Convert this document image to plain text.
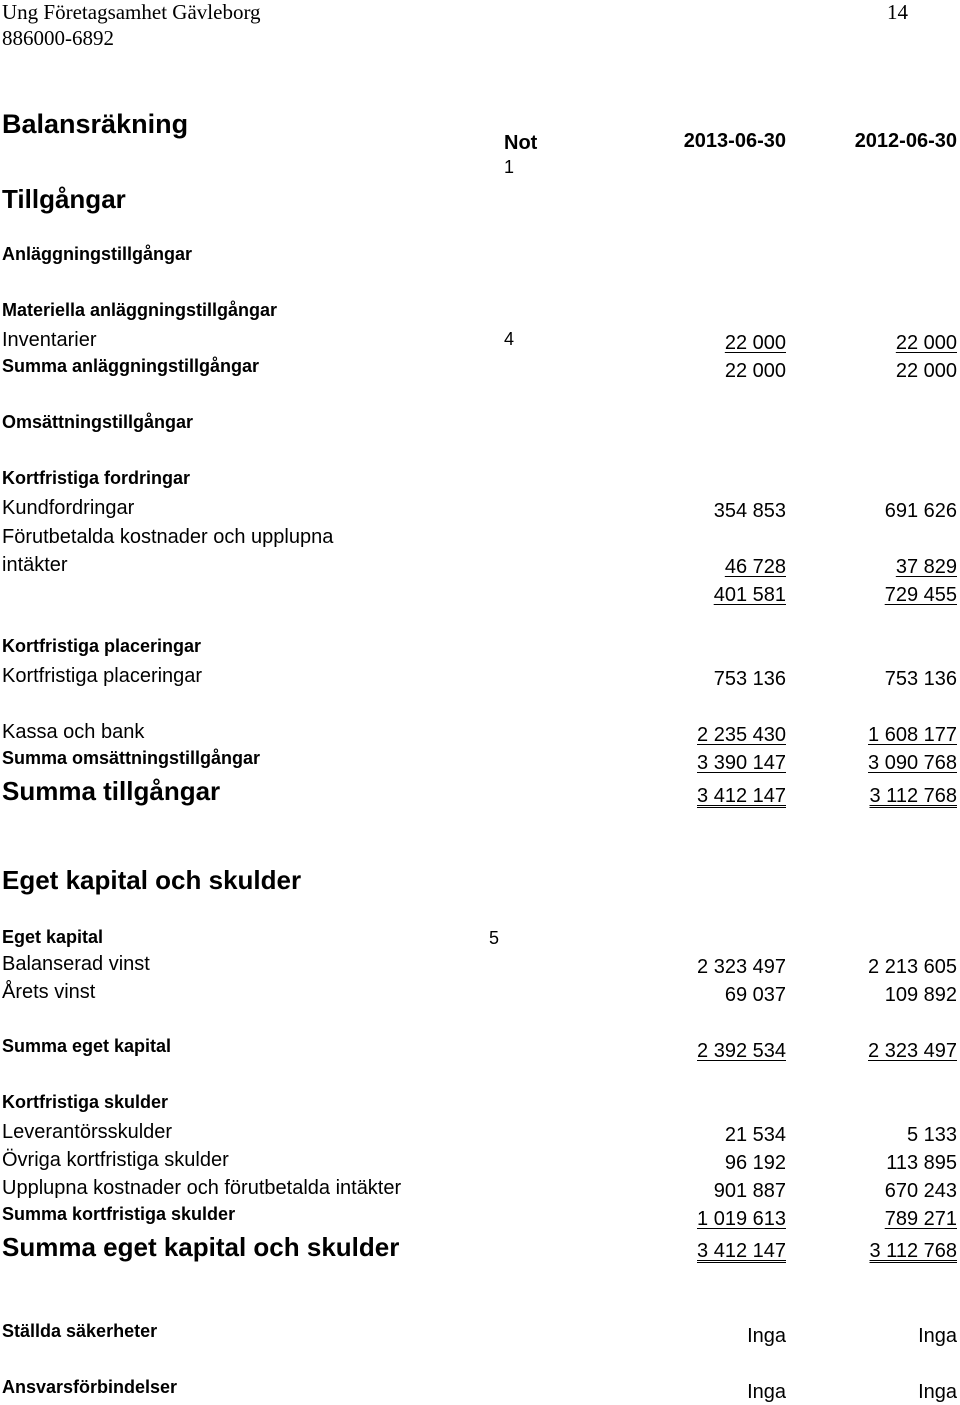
Ung Företagsamhet Gävleborg	14
886000-6892
Balansräkning
Not
1
2013-06-30	2012-06-30
Tillgångar
Anläggningstillgångar
Materiella anläggningstillgångar
Inventarier	4	22 000	22 000
Summa anläggningstillgångar	22 000	22 000
Omsättningstillgångar
Kortfristiga fordringar
Kundfordringar	354 853	691 626
Förutbetalda kostnader och upplupna
intäkter	46 728	37 829
401 581	729 455
Kortfristiga placeringar
Kortfristiga placeringar	753 136	753 136
Kassa och bank	2 235 430	1 608 177
Summa omsättningstillgångar	3 390 147	3 090 768
Summa tillgångar	3 412 147	3 112 768
Eget kapital och skulder
Eget kapital	5
Balanserad vinst	2 323 497	2 213 605
Årets vinst	69 037	109 892
Summa eget kapital	2 392 534	2 323 497
Kortfristiga skulder
Leverantörsskulder	21 534	5 133
Övriga kortfristiga skulder	96 192	113 895
Upplupna kostnader och förutbetalda intäkter	901 887	670 243
Summa kortfristiga skulder	1 019 613	789 271
Summa eget kapital och skulder	3 412 147	3 112 768
Ställda säkerheter	Inga	Inga
Ansvarsförbindelser	Inga	Inga
